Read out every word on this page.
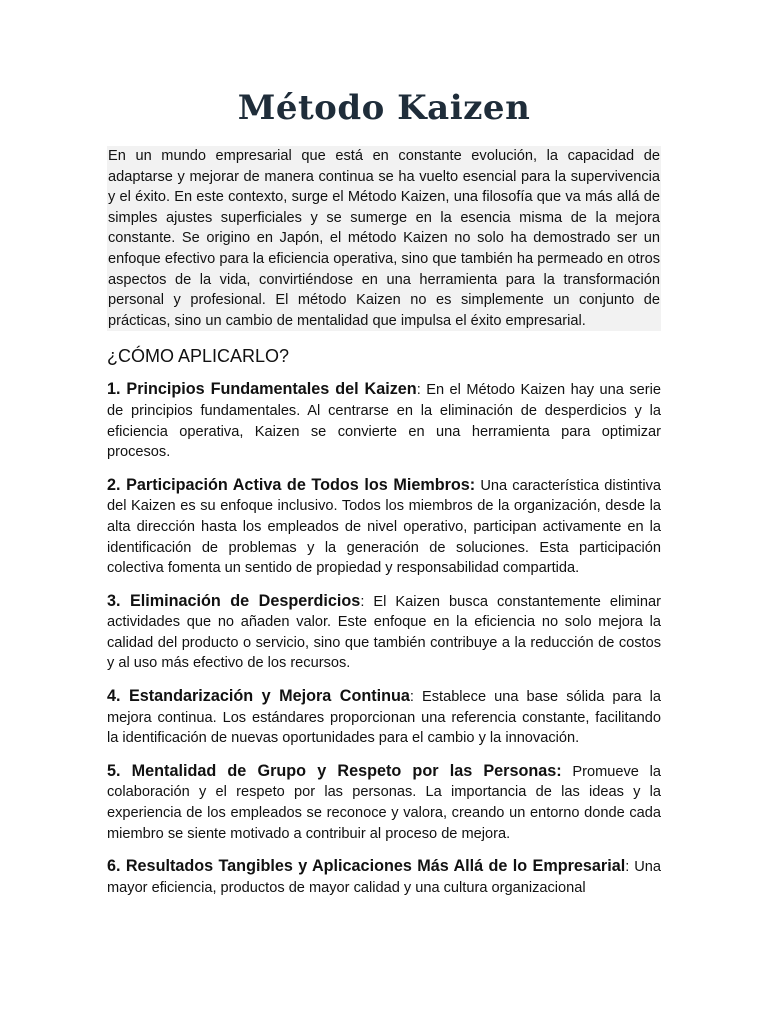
Método Kaizen

En un mundo empresarial que está en constante evolución, la capacidad de adaptarse y mejorar de manera continua se ha vuelto esencial para la supervivencia y el éxito. En este contexto, surge el Método Kaizen, una filosofía que va más allá de simples ajustes superficiales y se sumerge en la esencia misma de la mejora constante. Se origino en Japón, el método Kaizen no solo ha demostrado ser un enfoque efectivo para la eficiencia operativa, sino que también ha permeado en otros aspectos de la vida, convirtiéndose en una herramienta para la transformación personal y profesional. El método Kaizen no es simplemente un conjunto de prácticas, sino un cambio de mentalidad que impulsa el éxito empresarial.

¿CÓMO APLICARLO?

1. Principios Fundamentales del Kaizen: En el Método Kaizen hay una serie de principios fundamentales. Al centrarse en la eliminación de desperdicios y la eficiencia operativa, Kaizen se convierte en una herramienta para optimizar procesos.

2. Participación Activa de Todos los Miembros: Una característica distintiva del Kaizen es su enfoque inclusivo. Todos los miembros de la organización, desde la alta dirección hasta los empleados de nivel operativo, participan activamente en la identificación de problemas y la generación de soluciones. Esta participación colectiva fomenta un sentido de propiedad y responsabilidad compartida.

3. Eliminación de Desperdicios: El Kaizen busca constantemente eliminar actividades que no añaden valor. Este enfoque en la eficiencia no solo mejora la calidad del producto o servicio, sino que también contribuye a la reducción de costos y al uso más efectivo de los recursos.

4. Estandarización y Mejora Continua: Establece una base sólida para la mejora continua. Los estándares proporcionan una referencia constante, facilitando la identificación de nuevas oportunidades para el cambio y la innovación.

5. Mentalidad de Grupo y Respeto por las Personas: Promueve la colaboración y el respeto por las personas. La importancia de las ideas y la experiencia de los empleados se reconoce y valora, creando un entorno donde cada miembro se siente motivado a contribuir al proceso de mejora.

6. Resultados Tangibles y Aplicaciones Más Allá de lo Empresarial: Una mayor eficiencia, productos de mayor calidad y una cultura organizacional
